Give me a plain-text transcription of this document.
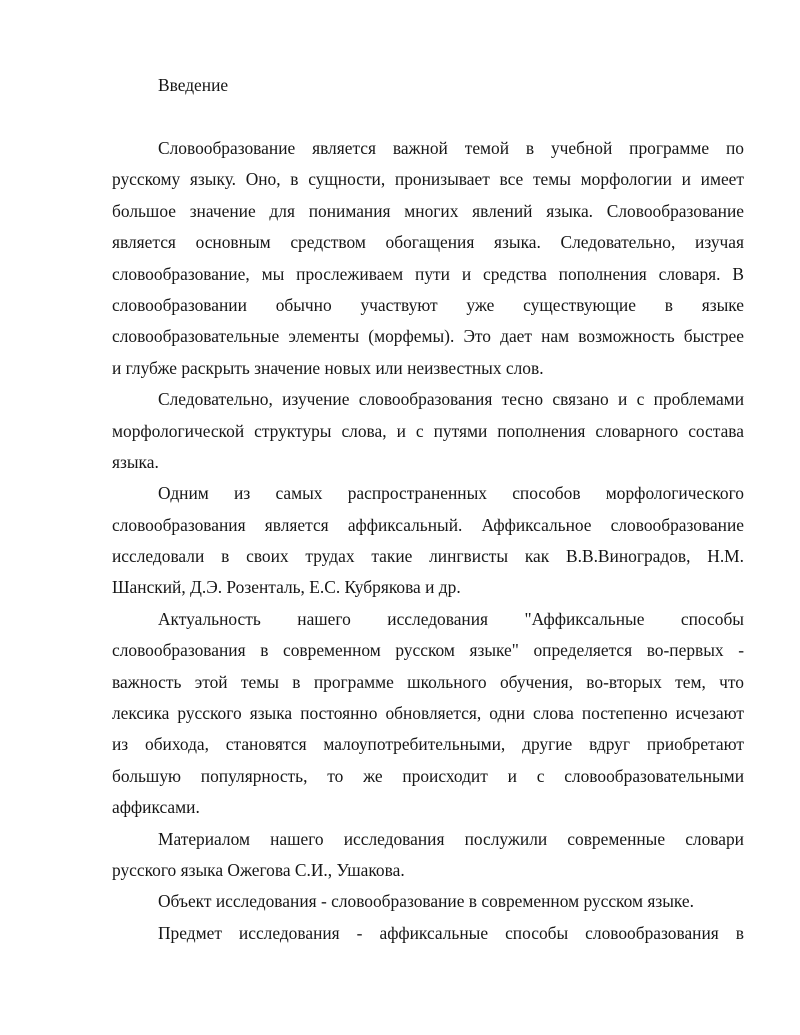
Введение
Словообразование является важной темой в учебной программе по
русскому языку. Оно, в сущности, пронизывает все темы морфологии и имеет
большое значение для понимания многих явлений языка. Словообразование
является основным средством обогащения языка. Следовательно, изучая
словообразование, мы прослеживаем пути и средства пополнения словаря. В
словообразовании обычно участвуют уже существующие в языке
словообразовательные элементы (морфемы). Это дает нам возможность быстрее
и глубже раскрыть значение новых или неизвестных слов.
Следовательно, изучение словообразования тесно связано и с проблемами
морфологической структуры слова, и с путями пополнения словарного состава
языка.
Одним из самых распространенных способов морфологического
словообразования является аффиксальный. Аффиксальное словообразование
исследовали в своих трудах такие лингвисты как В.В.Виноградов, Н.М.
Шанский, Д.Э. Розенталь, Е.С. Кубрякова и др.
Актуальность нашего исследования "Аффиксальные способы
словообразования в современном русском языке" определяется во-первых -
важность этой темы в программе школьного обучения, во-вторых тем, что
лексика русского языка постоянно обновляется, одни слова постепенно исчезают
из обихода, становятся малоупотребительными, другие вдруг приобретают
большую популярность, то же происходит и с словообразовательными
аффиксами.
Материалом нашего исследования послужили современные словари
русского языка Ожегова С.И., Ушакова.
Объект исследования - словообразование в современном русском языке.
Предмет исследования - аффиксальные способы словообразования в
